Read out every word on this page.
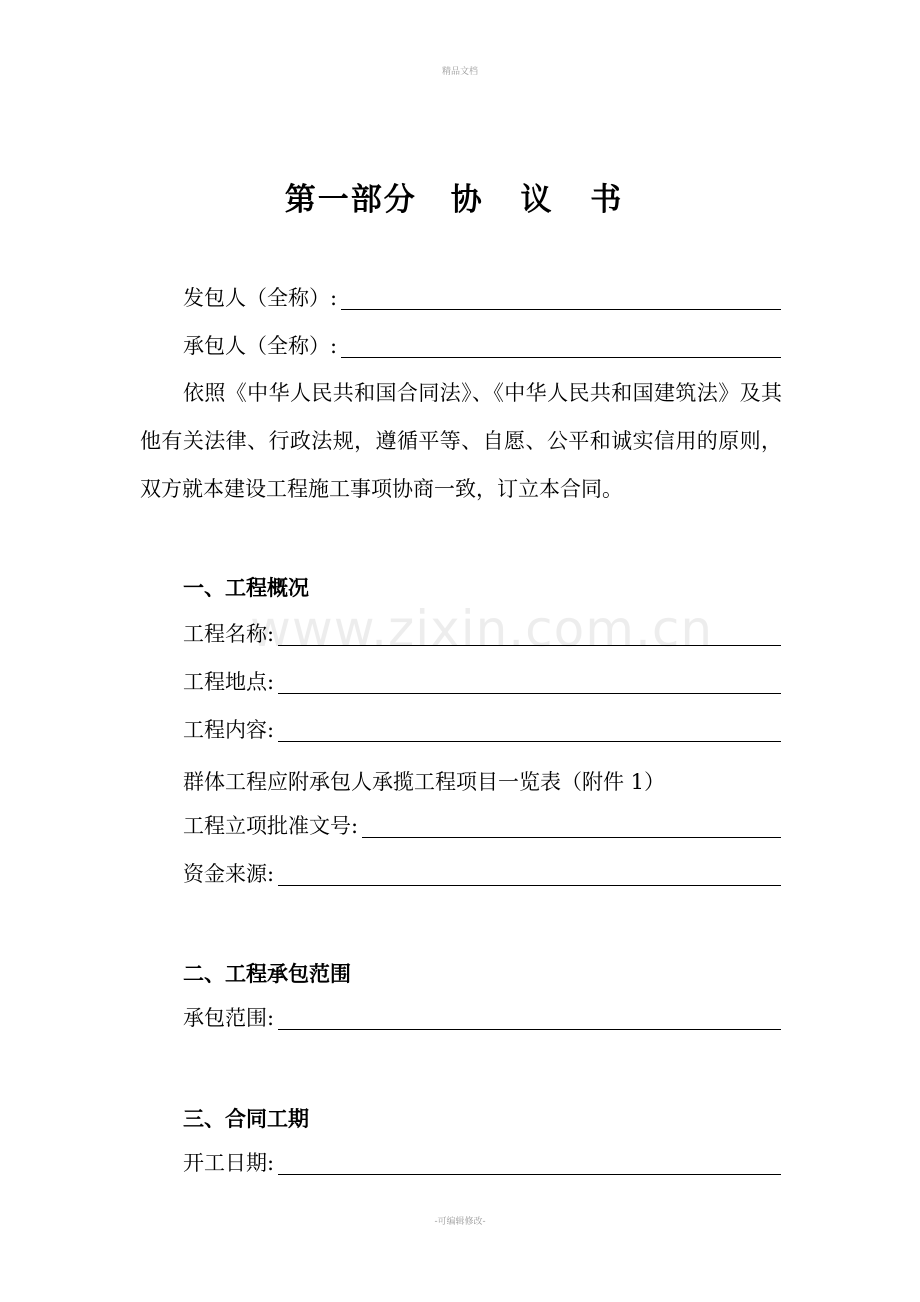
精品文档
第一部分 协 议 书
发包人（全称）:
承包人（全称）:
依照《中华人民共和国合同法》、《中华人民共和国建筑法》及其他有关法律、行政法规，遵循平等、自愿、公平和诚实信用的原则，双方就本建设工程施工事项协商一致，订立本合同。
一、工程概况
www.zixin.com.cn
工程名称:
工程地点:
工程内容:
群体工程应附承包人承揽工程项目一览表（附件 1）
工程立项批准文号:
资金来源:
二、工程承包范围
承包范围:
三、合同工期
开工日期:
-可编辑修改-
